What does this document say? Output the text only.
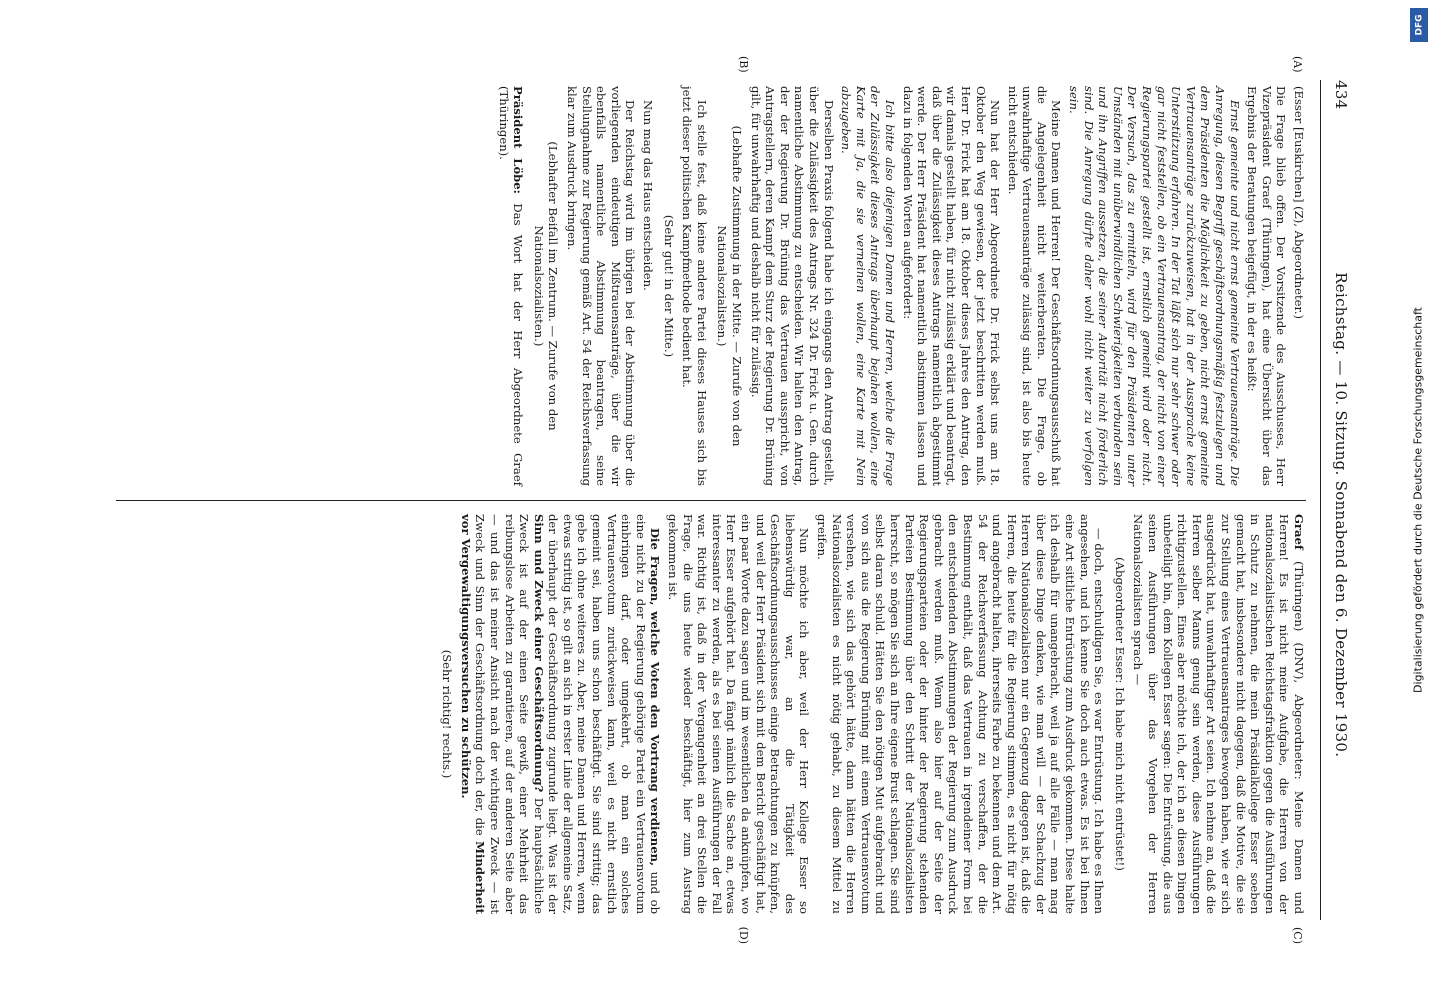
434
Reichstag. — 10. Sitzung. Sonnabend den 6. Dezember 1930.
(A)
(B)
(C)
(D)

(Esser [Euskirchen] (Z), Abgeordneter.)

Die Frage blieb offen. Der Vorsitzende des Ausschusses, Herr Vizepräsident Graef (Thüringen), hat eine Übersicht über das Ergebnis der Beratungen beigefügt, in der es heißt:

Ernst gemeinte und nicht ernst gemeinte Vertrauensanträge. Die Anregung, diesen Begriff geschäftsordnungsmäßig festzulegen und dem Präsidenten die Möglichkeit zu geben, nicht ernst gemeinte Vertrauensanträge zurückzuweisen, hat in der Aussprache keine Unterstützung erfahren. In der Tat läßt sich nur sehr schwer oder gar nicht feststellen, ob ein Vertrauensantrag, der nicht von einer Regierungspartei gestellt ist, ernstlich gemeint wird oder nicht. Der Versuch, das zu ermitteln, wird für den Präsidenten unter Umständen mit unüberwindlichen Schwierigkeiten verbunden sein und ihn Angriffen aussetzen, die seiner Autorität nicht förderlich sind. Die Anregung dürfte daher wohl nicht weiter zu verfolgen sein.

Meine Damen und Herren! Der Geschäftsordnungsausschuß hat die Angelegenheit nicht weiterberaten. Die Frage, ob unwahrhaftige Vertrauensanträge zulässig sind, ist also bis heute nicht entschieden.

Nun hat der Herr Abgeordnete Dr. Frick selbst uns am 18. Oktober den Weg gewiesen, der jetzt beschritten werden muß. Herr Dr. Frick hat am 18. Oktober dieses Jahres den Antrag, den wir damals gestellt haben, für nicht zulässig erklärt und beantragt, daß über die Zulässigkeit dieses Antrags namentlich abgestimmt werde. Der Herr Präsident hat namentlich abstimmen lassen und dazu in folgenden Worten aufgefordert:

Ich bitte also diejenigen Damen und Herren, welche die Frage der Zulässigkeit dieses Antrags überhaupt bejahen wollen, eine Karte mit Ja, die sie verneinen wollen, eine Karte mit Nein abzugeben.

Derselben Praxis folgend habe ich eingangs den Antrag gestellt, über die Zulässigkeit des Antrags Nr. 324 Dr. Frick u. Gen. durch namentliche Abstimmung zu entscheiden. Wir halten den Antrag, der der Regierung Dr. Brüning das Vertrauen ausspricht, von Antragstellern, deren Kampf dem Sturz der Regierung Dr. Brüning gilt, für unwahrhaftig und deshalb nicht für zulässig.

(Lebhafte Zustimmung in der Mitte. — Zurufe von den Nationalsozialisten.)

Ich stelle fest, daß keine andere Partei dieses Hauses sich bis jetzt dieser politischen Kampfmethode bedient hat.

(Sehr gut! in der Mitte.)

Nun mag das Haus entscheiden.

Der Reichstag wird im übrigen bei der Abstimmung über die vorliegenden eindeutigen Mißtrauensanträge, über die wir ebenfalls namentliche Abstimmung beantragen, seine Stellungnahme zur Regierung gemäß Art. 54 der Reichsverfassung klar zum Ausdruck bringen.

(Lebhafter Beifall im Zentrum. — Zurufe von den Nationalsozialisten.)

Präsident Löbe: Das Wort hat der Herr Abgeordnete Graef (Thüringen).

Graef (Thüringen) (DNV), Abgeordneter: Meine Damen und Herren! Es ist nicht meine Aufgabe, die Herren von der nationalsozialistischen Reichstagsfraktion gegen die Ausführungen in Schutz zu nehmen, die mein Präsidialkollege Esser soeben gemacht hat, insbesondere nicht dagegen, daß die Motive, die sie zur Stellung eines Vertrauensantrages bewogen haben, wie er sich ausgedrückt hat, unwahrhaftiger Art seien. Ich nehme an, daß die Herren selber Manns genug sein werden, diese Ausführungen richtigzustellen. Eines aber möchte ich, der ich an diesen Dingen unbeteiligt bin, dem Kollegen Esser sagen: Die Entrüstung, die aus seinen Ausführungen über das Vorgehen der Herren Nationalsozialisten sprach —

(Abgeordneter Esser: Ich habe mich nicht entrüstet!)

— doch, entschuldigen Sie, es war Entrüstung. Ich habe es Ihnen angesehen, und ich kenne Sie doch auch etwas. Es ist bei Ihnen eine Art sittliche Entrüstung zum Ausdruck gekommen. Diese halte ich deshalb für unangebracht, weil ja auf alle Fälle — man mag über diese Dinge denken, wie man will — der Schachzug der Herren Nationalsozialisten nur ein Gegenzug dagegen ist, daß die Herren, die heute für die Regierung stimmen, es nicht für nötig und angebracht halten, ihrerseits Farbe zu bekennen und dem Art. 54 der Reichsverfassung Achtung zu verschaffen, der die Bestimmung enthält, daß das Vertrauen in irgendeiner Form bei den entscheidenden Abstimmungen der Regierung zum Ausdruck gebracht werden muß. Wenn also hier auf der Seite der Regierungsparteien oder der hinter der Regierung stehenden Parteien Bestimmung über den Schritt der Nationalsozialisten herrscht, so mögen Sie sich an Ihre eigene Brust schlagen. Sie sind selbst daran schuld. Hätten Sie den nötigen Mut aufgebracht und von sich aus die Regierung Brüning mit einem Vertrauensvotum versehen, wie sich das gehört hätte, dann hätten die Herren Nationalsozialisten es nicht nötig gehabt, zu diesem Mittel zu greifen.

Nun möchte ich aber, weil der Herr Kollege Esser so liebenswürdig war, an die Tätigkeit des Geschäftsordnungsausschusses einige Betrachtungen zu knüpfen, und weil der Herr Präsident sich mit dem Bericht geschäftigt hat, ein paar Worte dazu sagen und im wesentlichen da anknüpfen, wo Herr Esser aufgehört hat. Da fängt nämlich die Sache an, etwas interessanter zu werden, als es bei seinen Ausführungen der Fall war. Richtig ist, daß in der Vergangenheit an drei Stellen die Frage, die uns heute wieder beschäftigt, hier zum Austrag gekommen ist.

Die Fragen, welche Voten den Vortrang verdienen, und ob eine nicht zu der Regierung gehörige Partei ein Vertrauensvotum einbringen darf, oder umgekehrt, ob man ein solches Vertrauensvotum zurückweisen kann, weil es nicht ernstlich gemeint sei, haben uns schon beschäftigt. Sie sind strittig; das gebe ich ohne weiteres zu. Aber, meine Damen und Herren, wenn etwas strittig ist, so gilt an sich in erster Linie der allgemeine Satz, der überhaupt der Geschäftsordnung zugrunde liegt. Was ist der Sinn und Zweck einer Geschäftsordnung? Der hauptsächliche Zweck ist auf der einen Seite gewiß, einer Mehrheit das reibungslose Arbeiten zu garantieren, auf der anderen Seite aber — und das ist meiner Ansicht nach der wichtigere Zweck — ist Zweck und Sinn der Geschäftsordnung doch der, die Minderheit vor Vergewaltigungsversuchen zu schützen.

(Sehr richtig! rechts.)

Digitalisierung gefördert durch die Deutsche Forschungsgemeinschaft
DFG
